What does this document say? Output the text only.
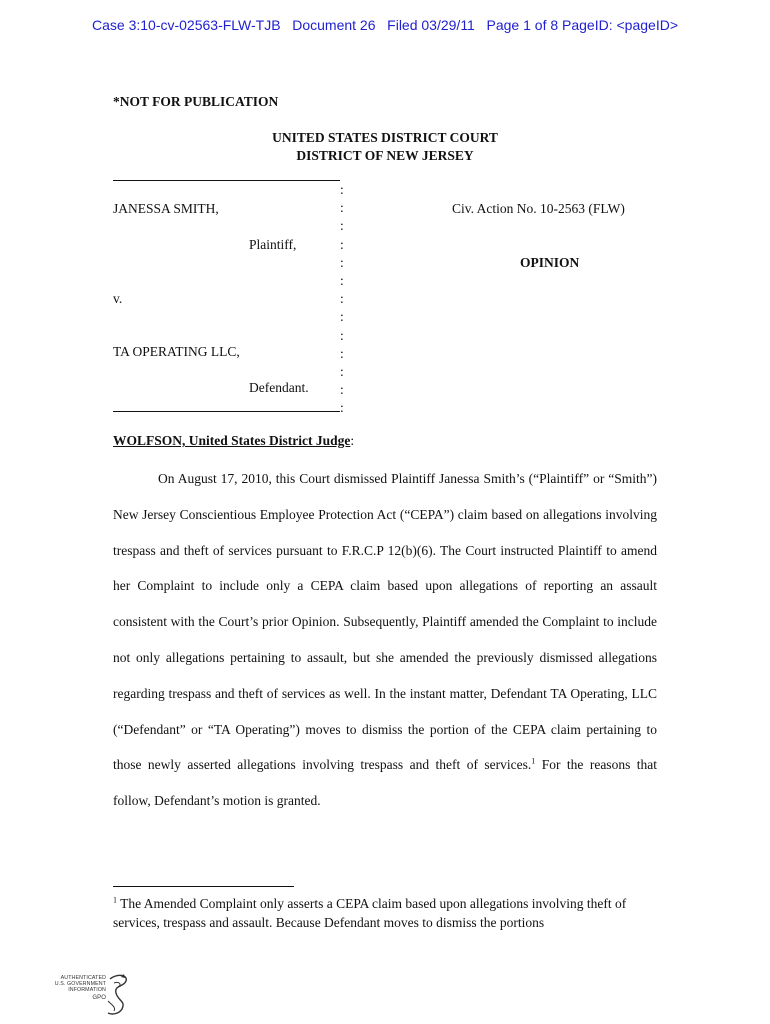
Case 3:10-cv-02563-FLW-TJB   Document 26   Filed 03/29/11   Page 1 of 8 PageID: <pageID>
*NOT FOR PUBLICATION
UNITED STATES DISTRICT COURT
DISTRICT OF NEW JERSEY
:
:
:
:
:
:
:
:
:
:
:
:
:
JANESSA SMITH,
Plaintiff,
v.
TA OPERATING LLC,
Defendant.
Civ. Action No. 10-2563 (FLW)
OPINION
WOLFSON, United States District Judge:

On August 17, 2010, this Court dismissed Plaintiff Janessa Smith’s (“Plaintiff” or “Smith”) New Jersey Conscientious Employee Protection Act (“CEPA”) claim based on allegations involving trespass and theft of services pursuant to F.R.C.P 12(b)(6). The Court instructed Plaintiff to amend her Complaint to include only a CEPA claim based upon allegations of reporting an assault consistent with the Court’s prior Opinion. Subsequently, Plaintiff amended the Complaint to include not only allegations pertaining to assault, but she amended the previously dismissed allegations regarding trespass and theft of services as well. In the instant matter, Defendant TA Operating, LLC (“Defendant” or “TA Operating”) moves to dismiss the portion of the CEPA claim pertaining to those newly asserted allegations involving trespass and theft of services.$^1$ For the reasons that follow, Defendant’s motion is granted.

$^1$ The Amended Complaint only asserts a CEPA claim based upon allegations involving theft of services, trespass and assault. Because Defendant moves to dismiss the portions
AUTHENTICATED
U.S. GOVERNMENT
INFORMATION
GPO
